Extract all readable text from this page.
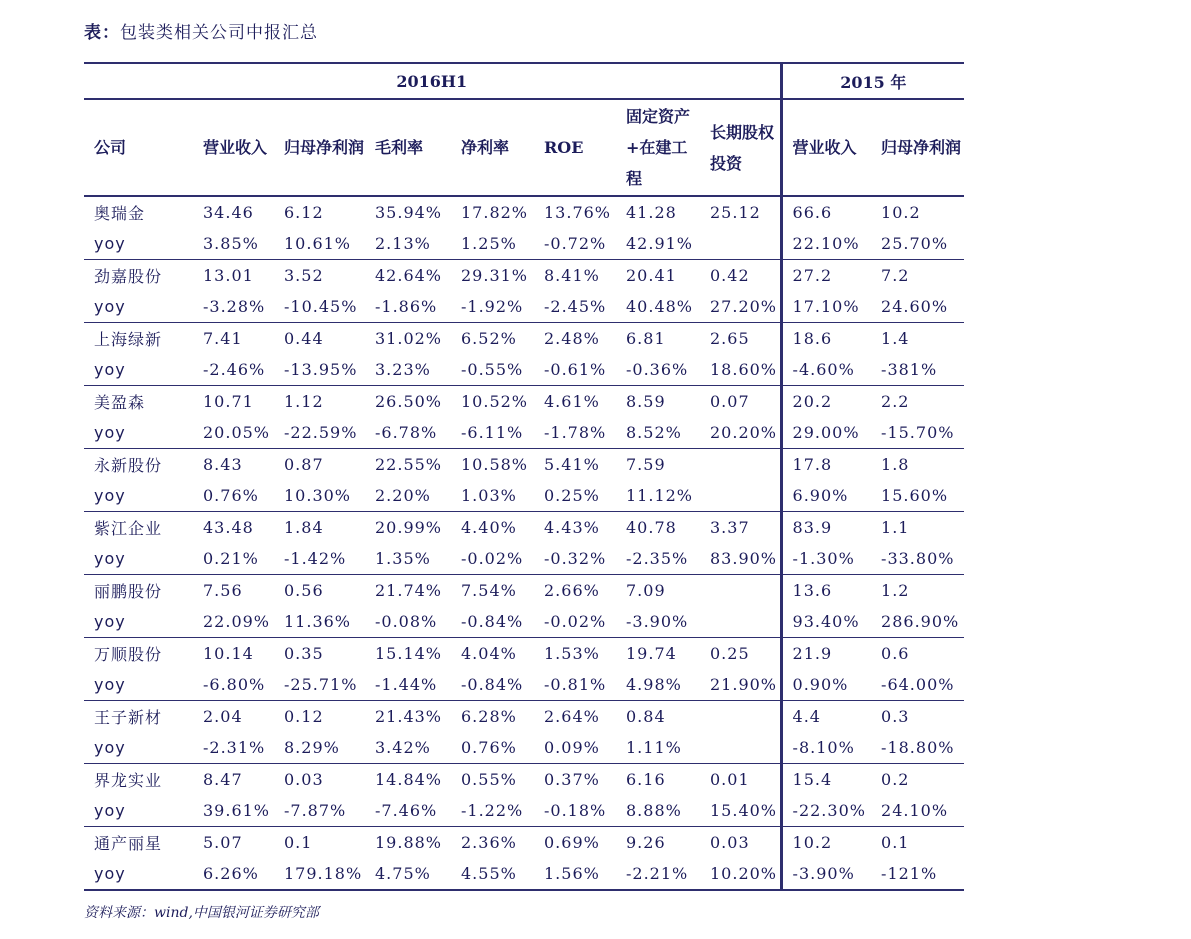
表：包装类相关公司中报汇总
2016H1								2015 年	
公司	营业收入	归母净利润	毛利率	净利率	ROE	固定资产+在建工程	长期股权投资	营业收入	归母净利润
奥瑞金	34.46	6.12	35.94%	17.82%	13.76%	41.28	25.12	66.6	10.2
yoy	3.85%	10.61%	2.13%	1.25%	-0.72%	42.91%		22.10%	25.70%
劲嘉股份	13.01	3.52	42.64%	29.31%	8.41%	20.41	0.42	27.2	7.2
yoy	-3.28%	-10.45%	-1.86%	-1.92%	-2.45%	40.48%	27.20%	17.10%	24.60%
上海绿新	7.41	0.44	31.02%	6.52%	2.48%	6.81	2.65	18.6	1.4
yoy	-2.46%	-13.95%	3.23%	-0.55%	-0.61%	-0.36%	18.60%	-4.60%	-381%
美盈森	10.71	1.12	26.50%	10.52%	4.61%	8.59	0.07	20.2	2.2
yoy	20.05%	-22.59%	-6.78%	-6.11%	-1.78%	8.52%	20.20%	29.00%	-15.70%
永新股份	8.43	0.87	22.55%	10.58%	5.41%	7.59		17.8	1.8
yoy	0.76%	10.30%	2.20%	1.03%	0.25%	11.12%		6.90%	15.60%
紫江企业	43.48	1.84	20.99%	4.40%	4.43%	40.78	3.37	83.9	1.1
yoy	0.21%	-1.42%	1.35%	-0.02%	-0.32%	-2.35%	83.90%	-1.30%	-33.80%
丽鹏股份	7.56	0.56	21.74%	7.54%	2.66%	7.09		13.6	1.2
yoy	22.09%	11.36%	-0.08%	-0.84%	-0.02%	-3.90%		93.40%	286.90%
万顺股份	10.14	0.35	15.14%	4.04%	1.53%	19.74	0.25	21.9	0.6
yoy	-6.80%	-25.71%	-1.44%	-0.84%	-0.81%	4.98%	21.90%	0.90%	-64.00%
王子新材	2.04	0.12	21.43%	6.28%	2.64%	0.84		4.4	0.3
yoy	-2.31%	8.29%	3.42%	0.76%	0.09%	1.11%		-8.10%	-18.80%
界龙实业	8.47	0.03	14.84%	0.55%	0.37%	6.16	0.01	15.4	0.2
yoy	39.61%	-7.87%	-7.46%	-1.22%	-0.18%	8.88%	15.40%	-22.30%	24.10%
通产丽星	5.07	0.1	19.88%	2.36%	0.69%	9.26	0.03	10.2	0.1
yoy	6.26%	179.18%	4.75%	4.55%	1.56%	-2.21%	10.20%	-3.90%	-121%
资料来源：wind,中国银河证券研究部
